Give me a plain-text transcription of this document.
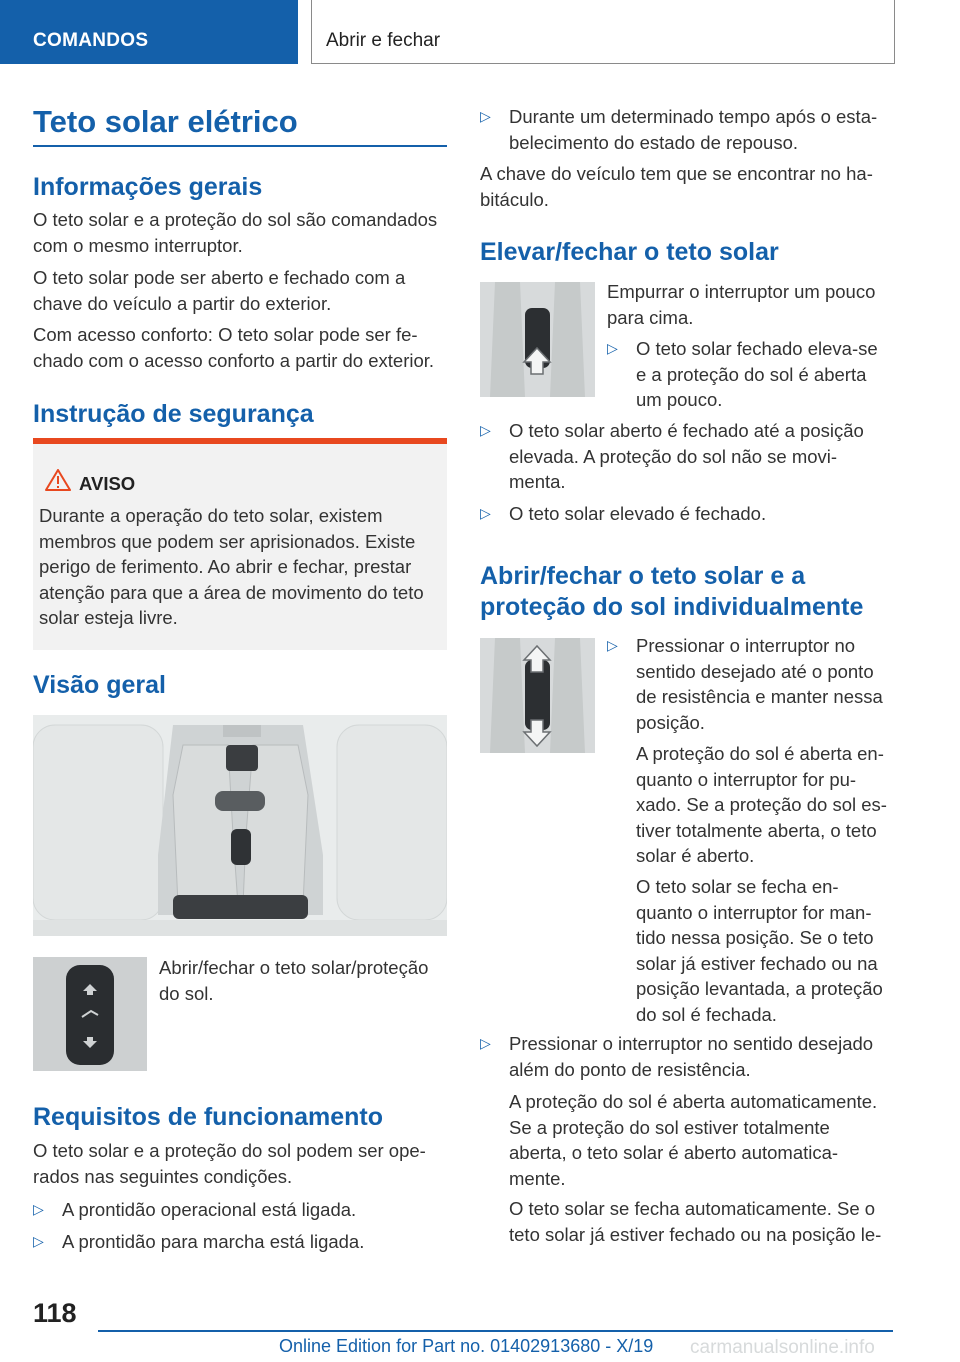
COMANDOS	Abrir e fechar
Teto solar elétrico
Informações gerais
O teto solar e a proteção do sol são comandados
com o mesmo interruptor.
O teto solar pode ser aberto e fechado com a
chave do veículo a partir do exterior.
Com acesso conforto: O teto solar pode ser fe‐
chado com o acesso conforto a partir do exterior.
Instrução de segurança
AVISO
Durante a operação do teto solar, existem
membros que podem ser aprisionados. Existe
perigo de ferimento. Ao abrir e fechar, prestar
atenção para que a área de movimento do teto
solar esteja livre.
Visão geral
Abrir/fechar o teto solar/proteção
do sol.
Requisitos de funcionamento
O teto solar e a proteção do sol podem ser ope‐
rados nas seguintes condições.
▷ A prontidão operacional está ligada.
▷ A prontidão para marcha está ligada.
▷ Durante um determinado tempo após o esta‐
belecimento do estado de repouso.
A chave do veículo tem que se encontrar no ha‐
bitáculo.
Elevar/fechar o teto solar
Empurrar o interruptor um pouco
para cima.
▷ O teto solar fechado eleva-se
e a proteção do sol é aberta
um pouco.
▷ O teto solar aberto é fechado até a posição
elevada. A proteção do sol não se movi‐
menta.
▷ O teto solar elevado é fechado.
Abrir/fechar o teto solar e a
proteção do sol individualmente
▷ Pressionar o interruptor no
sentido desejado até o ponto
de resistência e manter nessa
posição.
A proteção do sol é aberta en‐
quanto o interruptor for pu‐
xado. Se a proteção do sol es‐
tiver totalmente aberta, o teto
solar é aberto.
O teto solar se fecha en‐
quanto o interruptor for man‐
tido nessa posição. Se o teto
solar já estiver fechado ou na
posição levantada, a proteção
do sol é fechada.
▷ Pressionar o interruptor no sentido desejado
além do ponto de resistência.
A proteção do sol é aberta automaticamente.
Se a proteção do sol estiver totalmente
aberta, o teto solar é aberto automatica‐
mente.
O teto solar se fecha automaticamente. Se o
teto solar já estiver fechado ou na posição le‐
118
Online Edition for Part no. 01402913680 - X/19 carmanualsonline.info
